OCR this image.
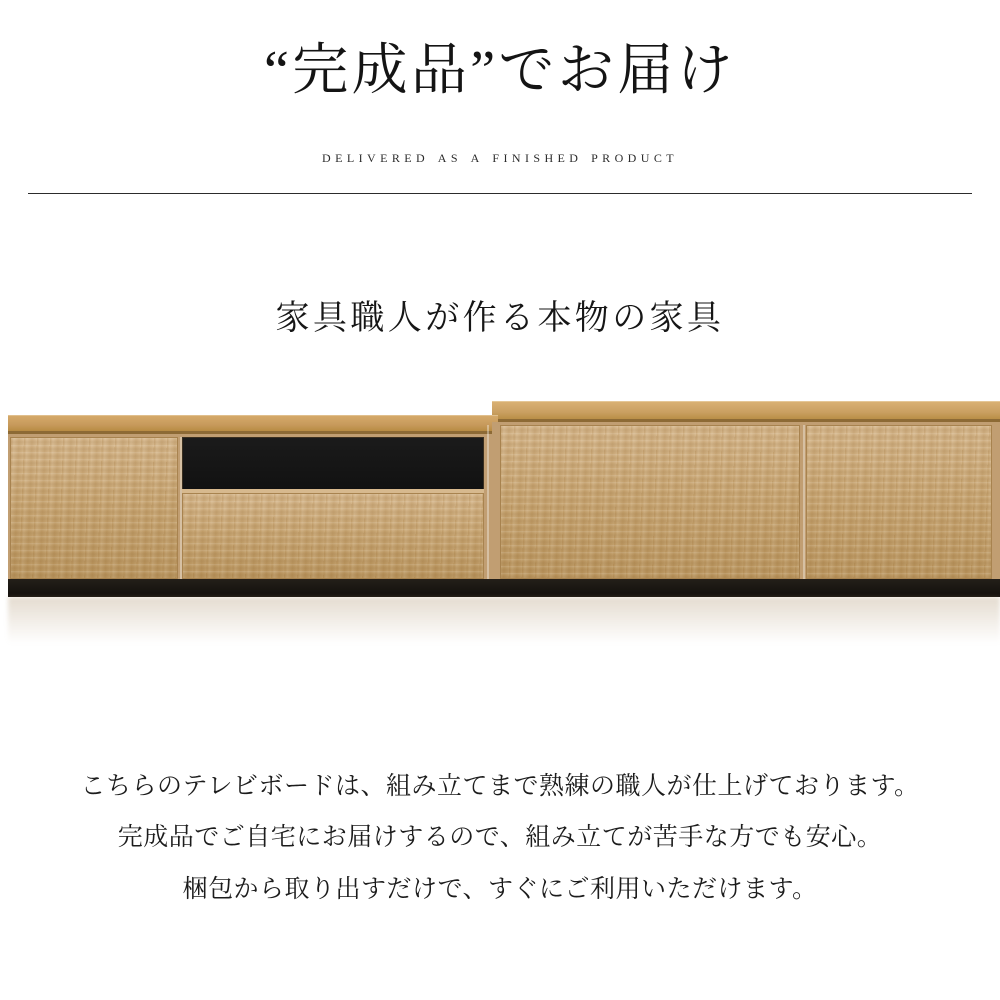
“完成品”でお届け
delivered as a finished product
家具職人が作る本物の家具

こちらのテレビボードは、組み立てまで熟練の職人が仕上げております。

完成品でご自宅にお届けするので、組み立てが苦手な方でも安心。

梱包から取り出すだけで、すぐにご利用いただけます。
